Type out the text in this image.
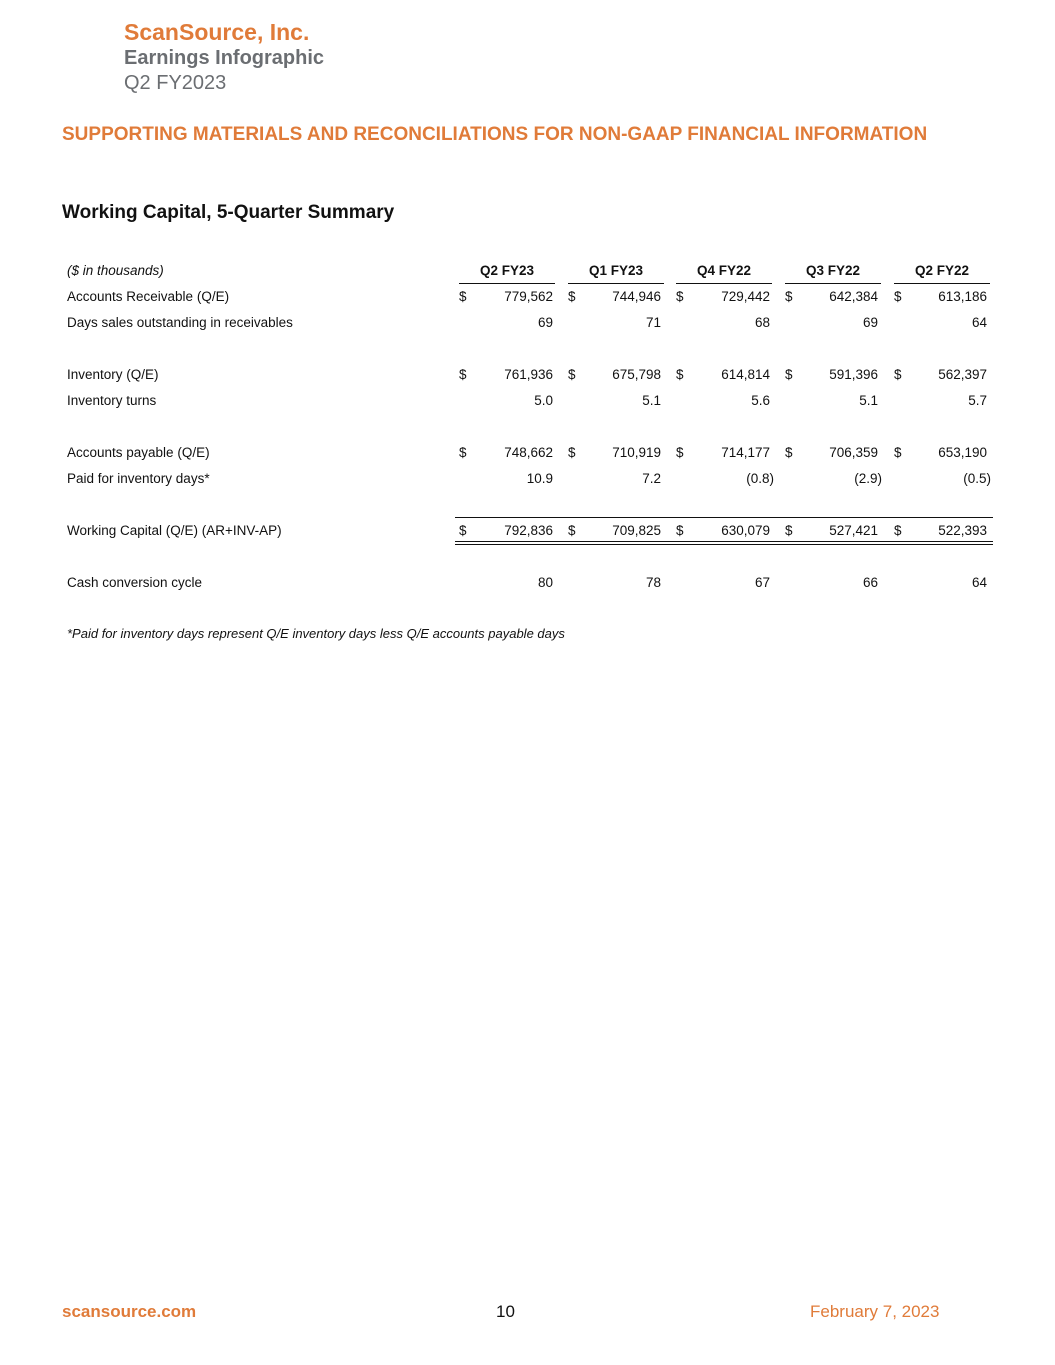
ScanSource, Inc.
Earnings Infographic
Q2 FY2023
SUPPORTING MATERIALS AND RECONCILIATIONS FOR NON-GAAP FINANCIAL INFORMATION
Working Capital, 5-Quarter Summary
($ in thousands)	Q2 FY23	Q1 FY23	Q4 FY22	Q3 FY22	Q2 FY22
Accounts Receivable (Q/E)	$	779,562 $	744,946 $	729,442 $	642,384 $	613,186
Days sales outstanding in receivables	69	71	68	69	64
Inventory (Q/E)	$	761,936 $	675,798 $	614,814 $	591,396 $	562,397
Inventory turns	5.0	5.1	5.6	5.1	5.7
Accounts payable (Q/E)	$	748,662 $	710,919 $	714,177 $	706,359 $	653,190
Paid for inventory days*	10.9	7.2	(0.8)	(2.9)	(0.5)
Working Capital (Q/E) (AR+INV-AP)	$	792,836 $	709,825 $	630,079 $	527,421 $	522,393
Cash conversion cycle	80	78	67	66	64
*Paid for inventory days represent Q/E inventory days less Q/E accounts payable days
scansource.com	10	February 7, 2023
